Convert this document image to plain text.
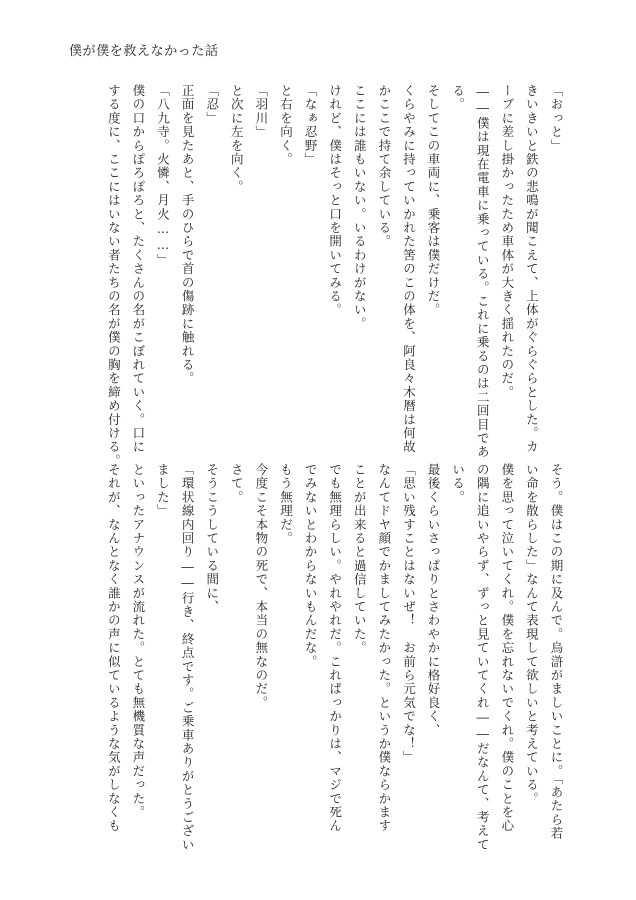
僕が僕を救えなかった話

「おっと」

きいきいと鉄の悲鳴が聞こえて、上体がぐらぐらとした。カ

ーブに差し掛かったため車体が大きく揺れたのだ。

――僕は現在電車に乗っている。これに乗るのは二回目であ

る。

そしてこの車両に、乗客は僕だけだ。

くらやみに持っていかれた筈のこの体を、阿良々木暦は何故

かここで持て余している。

ここには誰もいない。いるわけがない。

けれど、僕はそっと口を開いてみる。

「なぁ忍野」

と右を向く。

「羽川」

と次に左を向く。

「忍」

正面を見たあと、手のひらで首の傷跡に触れる。

「八九寺。火憐、月火……」

僕の口からぽろぽろと、たくさんの名がこぼれていく。口に

する度に、ここにはいない者たちの名が僕の胸を締め付ける。

そう。僕はこの期に及んで。烏滸がましいことに。「あたら若

い命を散らした」なんて表現して欲しいと考えている。

僕を思って泣いてくれ。僕を忘れないでくれ。僕のことを心

の隅に追いやらず、ずっと見ていてくれ――だなんて、考えて

いる。

最後くらいさっぱりとさわやかに格好良く、

「思い残すことはないぜ！　お前ら元気でな！」

なんてドヤ顔でかましてみたかった。というか僕ならかます

ことが出来ると過信していた。

でも無理らしい。やれやれだ。これぱっかりは、マジで死ん

でみないとわからないもんだな。

もう無理だ。

今度こそ本物の死で、本当の無なのだ。

さて。

そうこうしている間に、

「環状線内回り――行き、終点です。ご乗車ありがとうござい

ました」

といったアナウンスが流れた。とても無機質な声だった。

それが、なんとなく誰かの声に似ているような気がしなくも
